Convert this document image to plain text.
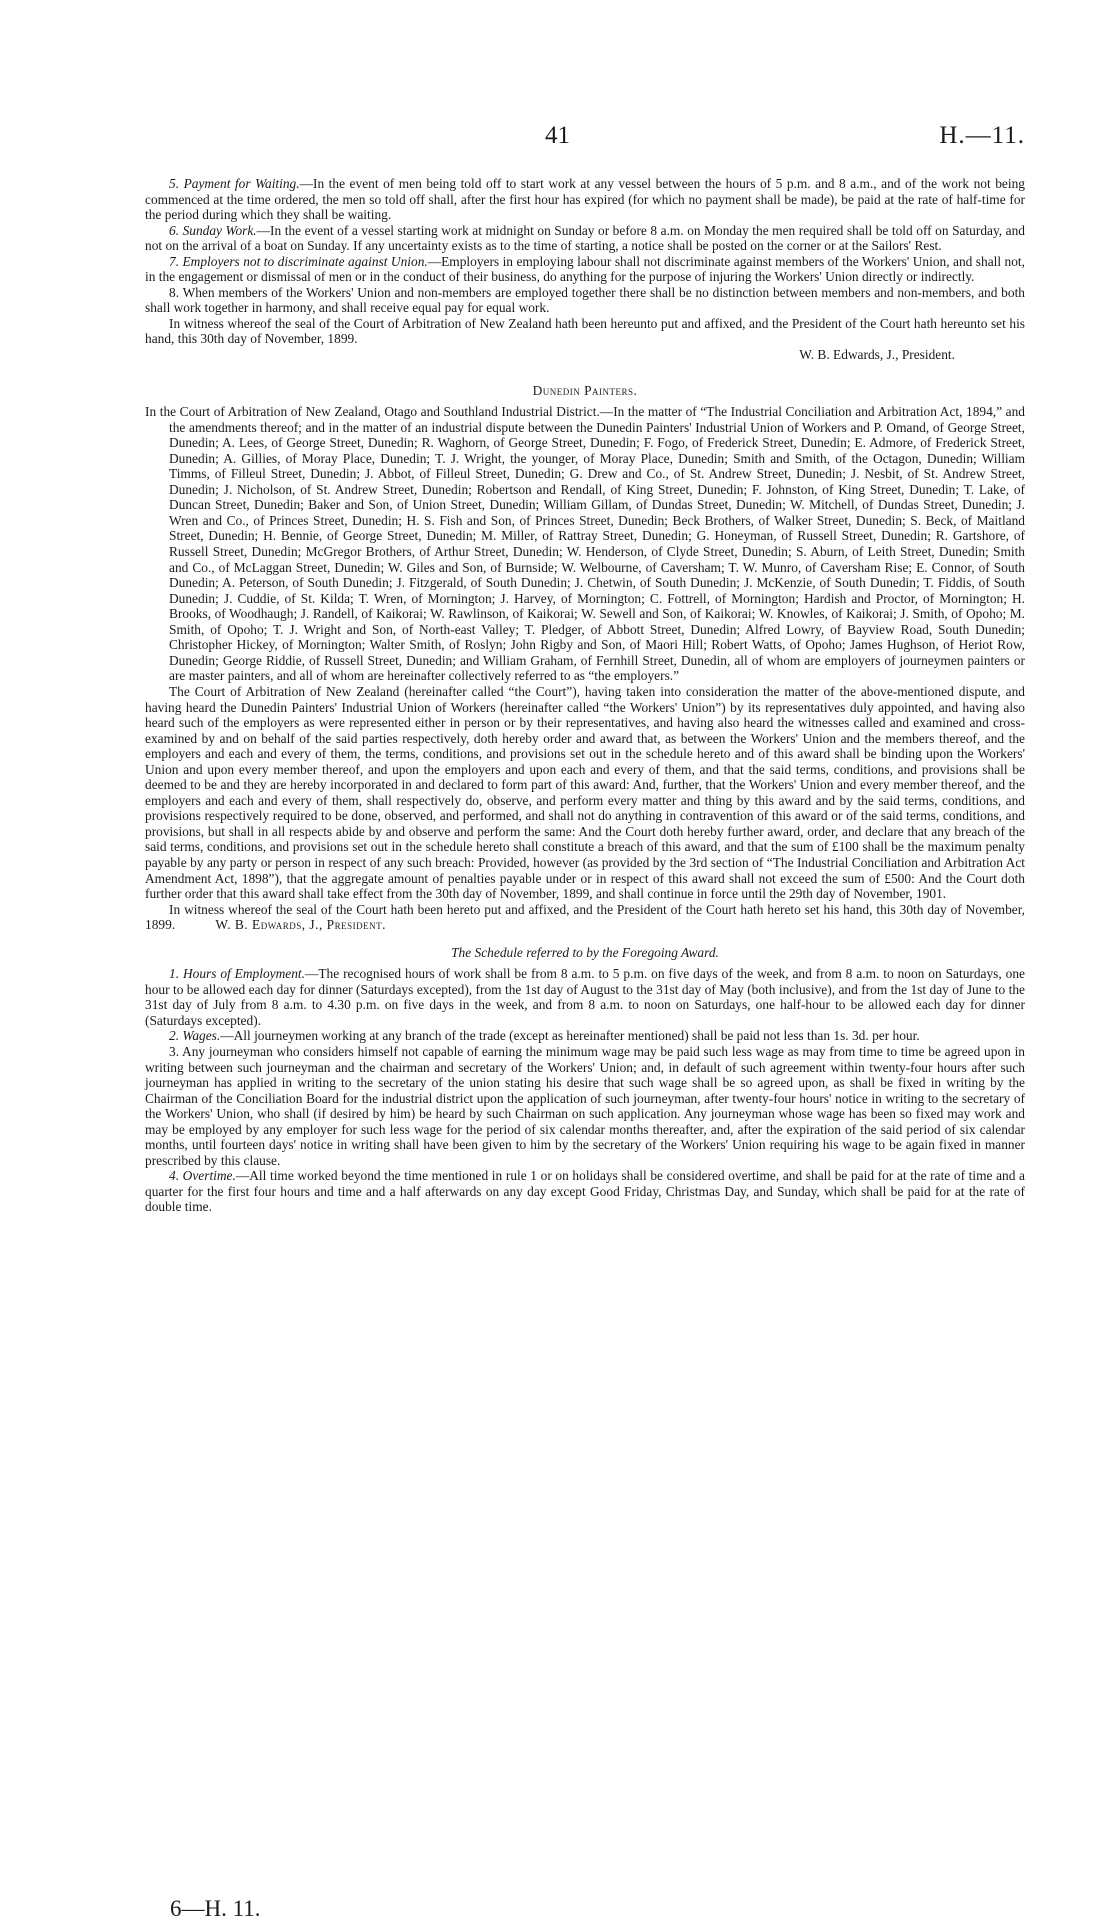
41	H.—11.

5. Payment for Waiting.—In the event of men being told off to start work at any vessel between the hours of 5 p.m. and 8 a.m., and of the work not being commenced at the time ordered, the men so told off shall, after the first hour has expired (for which no payment shall be made), be paid at the rate of half-time for the period during which they shall be waiting.

6. Sunday Work.—In the event of a vessel starting work at midnight on Sunday or before 8 a.m. on Monday the men required shall be told off on Saturday, and not on the arrival of a boat on Sunday. If any uncertainty exists as to the time of starting, a notice shall be posted on the corner or at the Sailors' Rest.

7. Employers not to discriminate against Union.—Employers in employing labour shall not discriminate against members of the Workers' Union, and shall not, in the engagement or dismissal of men or in the conduct of their business, do anything for the purpose of injuring the Workers' Union directly or indirectly.

8. When members of the Workers' Union and non-members are employed together there shall be no distinction between members and non-members, and both shall work together in harmony, and shall receive equal pay for equal work.

In witness whereof the seal of the Court of Arbitration of New Zealand hath been hereunto put and affixed, and the President of the Court hath hereunto set his hand, this 30th day of November, 1899.

W. B. Edwards, J., President.

Dunedin Painters.

In the Court of Arbitration of New Zealand, Otago and Southland Industrial District.—In the matter of “The Industrial Conciliation and Arbitration Act, 1894,” and the amendments thereof; and in the matter of an industrial dispute between the Dunedin Painters' Industrial Union of Workers and P. Omand, of George Street, Dunedin; A. Lees, of George Street, Dunedin; R. Waghorn, of George Street, Dunedin; F. Fogo, of Frederick Street, Dunedin; E. Admore, of Frederick Street, Dunedin; A. Gillies, of Moray Place, Dunedin; T. J. Wright, the younger, of Moray Place, Dunedin; Smith and Smith, of the Octagon, Dunedin; William Timms, of Filleul Street, Dunedin; J. Abbot, of Filleul Street, Dunedin; G. Drew and Co., of St. Andrew Street, Dunedin; J. Nesbit, of St. Andrew Street, Dunedin; J. Nicholson, of St. Andrew Street, Dunedin; Robertson and Rendall, of King Street, Dunedin; F. Johnston, of King Street, Dunedin; T. Lake, of Duncan Street, Dunedin; Baker and Son, of Union Street, Dunedin; William Gillam, of Dundas Street, Dunedin; W. Mitchell, of Dundas Street, Dunedin; J. Wren and Co., of Princes Street, Dunedin; H. S. Fish and Son, of Princes Street, Dunedin; Beck Brothers, of Walker Street, Dunedin; S. Beck, of Maitland Street, Dunedin; H. Bennie, of George Street, Dunedin; M. Miller, of Rattray Street, Dunedin; G. Honeyman, of Russell Street, Dunedin; R. Gartshore, of Russell Street, Dunedin; McGregor Brothers, of Arthur Street, Dunedin; W. Henderson, of Clyde Street, Dunedin; S. Aburn, of Leith Street, Dunedin; Smith and Co., of McLaggan Street, Dunedin; W. Giles and Son, of Burnside; W. Welbourne, of Caversham; T. W. Munro, of Caversham Rise; E. Connor, of South Dunedin; A. Peterson, of South Dunedin; J. Fitzgerald, of South Dunedin; J. Chetwin, of South Dunedin; J. McKenzie, of South Dunedin; T. Fiddis, of South Dunedin; J. Cuddie, of St. Kilda; T. Wren, of Mornington; J. Harvey, of Mornington; C. Fottrell, of Mornington; Hardish and Proctor, of Mornington; H. Brooks, of Woodhaugh; J. Randell, of Kaikorai; W. Rawlinson, of Kaikorai; W. Sewell and Son, of Kaikorai; W. Knowles, of Kaikorai; J. Smith, of Opoho; M. Smith, of Opoho; T. J. Wright and Son, of North-east Valley; T. Pledger, of Abbott Street, Dunedin; Alfred Lowry, of Bayview Road, South Dunedin; Christopher Hickey, of Mornington; Walter Smith, of Roslyn; John Rigby and Son, of Maori Hill; Robert Watts, of Opoho; James Hughson, of Heriot Row, Dunedin; George Riddie, of Russell Street, Dunedin; and William Graham, of Fernhill Street, Dunedin, all of whom are employers of journeymen painters or are master painters, and all of whom are hereinafter collectively referred to as “the employers.”

The Court of Arbitration of New Zealand (hereinafter called “the Court”), having taken into consideration the matter of the above-mentioned dispute, and having heard the Dunedin Painters' Industrial Union of Workers (hereinafter called “the Workers' Union”) by its representatives duly appointed, and having also heard such of the employers as were represented either in person or by their representatives, and having also heard the witnesses called and examined and cross-examined by and on behalf of the said parties respectively, doth hereby order and award that, as between the Workers' Union and the members thereof, and the employers and each and every of them, the terms, conditions, and provisions set out in the schedule hereto and of this award shall be binding upon the Workers' Union and upon every member thereof, and upon the employers and upon each and every of them, and that the said terms, conditions, and provisions shall be deemed to be and they are hereby incorporated in and declared to form part of this award: And, further, that the Workers' Union and every member thereof, and the employers and each and every of them, shall respectively do, observe, and perform every matter and thing by this award and by the said terms, conditions, and provisions respectively required to be done, observed, and performed, and shall not do anything in contravention of this award or of the said terms, conditions, and provisions, but shall in all respects abide by and observe and perform the same: And the Court doth hereby further award, order, and declare that any breach of the said terms, conditions, and provisions set out in the schedule hereto shall constitute a breach of this award, and that the sum of £100 shall be the maximum penalty payable by any party or person in respect of any such breach: Provided, however (as provided by the 3rd section of “The Industrial Conciliation and Arbitration Act Amendment Act, 1898”), that the aggregate amount of penalties payable under or in respect of this award shall not exceed the sum of £500: And the Court doth further order that this award shall take effect from the 30th day of November, 1899, and shall continue in force until the 29th day of November, 1901.

In witness whereof the seal of the Court hath been hereto put and affixed, and the President of the Court hath hereto set his hand, this 30th day of November, 1899.	W. B. Edwards, J., President.

The Schedule referred to by the Foregoing Award.

1. Hours of Employment.—The recognised hours of work shall be from 8 a.m. to 5 p.m. on five days of the week, and from 8 a.m. to noon on Saturdays, one hour to be allowed each day for dinner (Saturdays excepted), from the 1st day of August to the 31st day of May (both inclusive), and from the 1st day of June to the 31st day of July from 8 a.m. to 4.30 p.m. on five days in the week, and from 8 a.m. to noon on Saturdays, one half-hour to be allowed each day for dinner (Saturdays excepted).

2. Wages.—All journeymen working at any branch of the trade (except as hereinafter mentioned) shall be paid not less than 1s. 3d. per hour.

3. Any journeyman who considers himself not capable of earning the minimum wage may be paid such less wage as may from time to time be agreed upon in writing between such journeyman and the chairman and secretary of the Workers' Union; and, in default of such agreement within twenty-four hours after such journeyman has applied in writing to the secretary of the union stating his desire that such wage shall be so agreed upon, as shall be fixed in writing by the Chairman of the Conciliation Board for the industrial district upon the application of such journeyman, after twenty-four hours' notice in writing to the secretary of the Workers' Union, who shall (if desired by him) be heard by such Chairman on such application. Any journeyman whose wage has been so fixed may work and may be employed by any employer for such less wage for the period of six calendar months thereafter, and, after the expiration of the said period of six calendar months, until fourteen days' notice in writing shall have been given to him by the secretary of the Workers' Union requiring his wage to be again fixed in manner prescribed by this clause.

4. Overtime.—All time worked beyond the time mentioned in rule 1 or on holidays shall be considered overtime, and shall be paid for at the rate of time and a quarter for the first four hours and time and a half afterwards on any day except Good Friday, Christmas Day, and Sunday, which shall be paid for at the rate of double time.

6—H. 11.
